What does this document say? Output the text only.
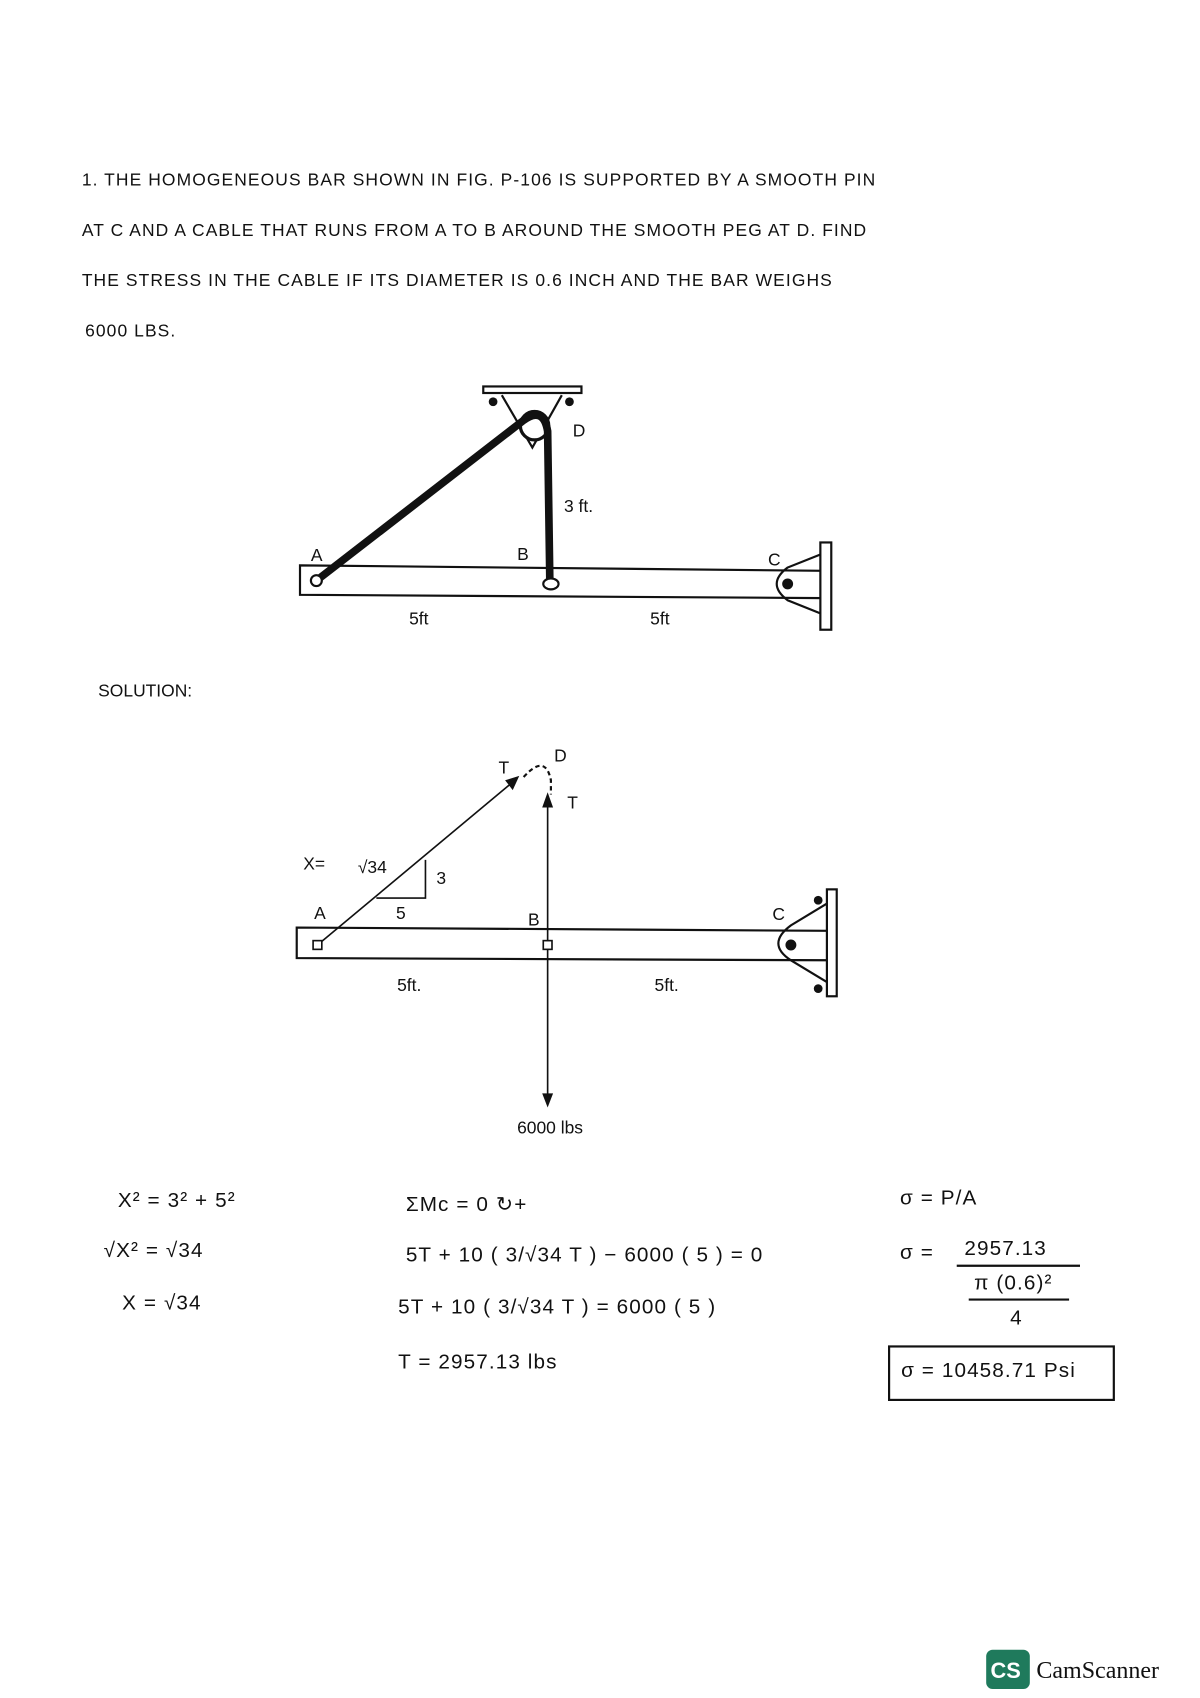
1. THE HOMOGENEOUS BAR SHOWN IN FIG. P-106 IS SUPPORTED BY A SMOOTH PIN
AT C AND A CABLE THAT RUNS FROM A TO B AROUND THE SMOOTH PEG AT D. FIND
THE STRESS IN THE CABLE IF ITS DIAMETER IS 0.6 INCH AND THE BAR WEIGHS
6000 LBS.
A	B	C
D
3 ft.
5ft	5ft
SOLUTION:
A	B	C
D
T
T
X= √34
3
5
5ft.	5ft.
6000 lbs
X² = 3² + 5²
√X² = √34
X = √34
ΣMc = 0 ↻+
5T + 10 ( 3/√34 T ) − 6000 ( 5 ) = 0
5T + 10 ( 3/√34 T ) = 6000 ( 5 )
T = 2957.13 lbs
σ = P/A
σ = 2957.13
π (0.6)²
4
σ = 10458.71 Psi
CS CamScanner
